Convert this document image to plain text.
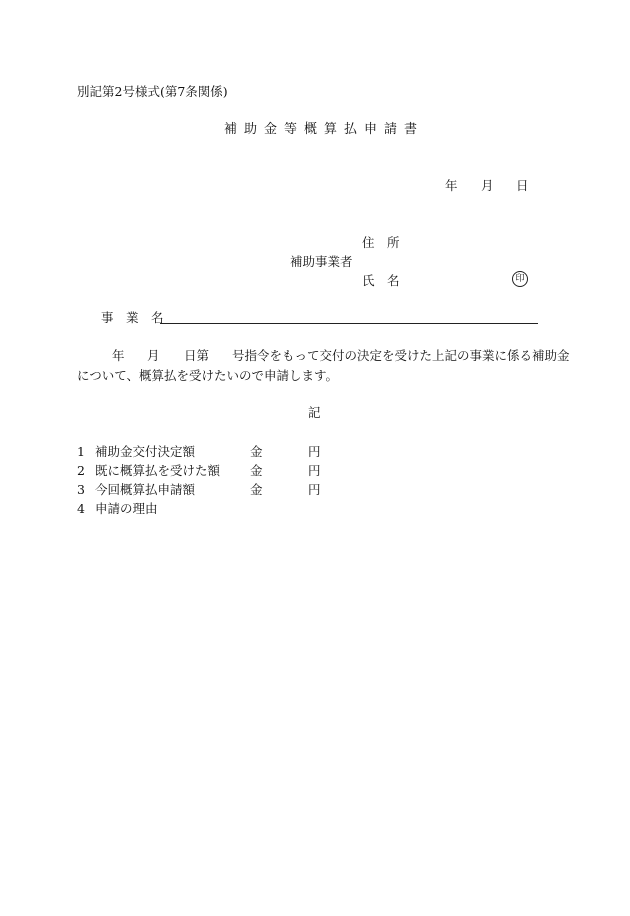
別記第2号様式(第7条関係)
補助金等概算払申請書
年 月 日
住　所
補助事業者
氏　名	印
事　業　名
年 月 日第 号指令をもって交付の決定を受けた上記の事業に係る補助金
について、概算払を受けたいので申請します。
記
1 補助金交付決定額	金	円
2 既に概算払を受けた額 金	円
3 今回概算払申請額	金	円
4 申請の理由
